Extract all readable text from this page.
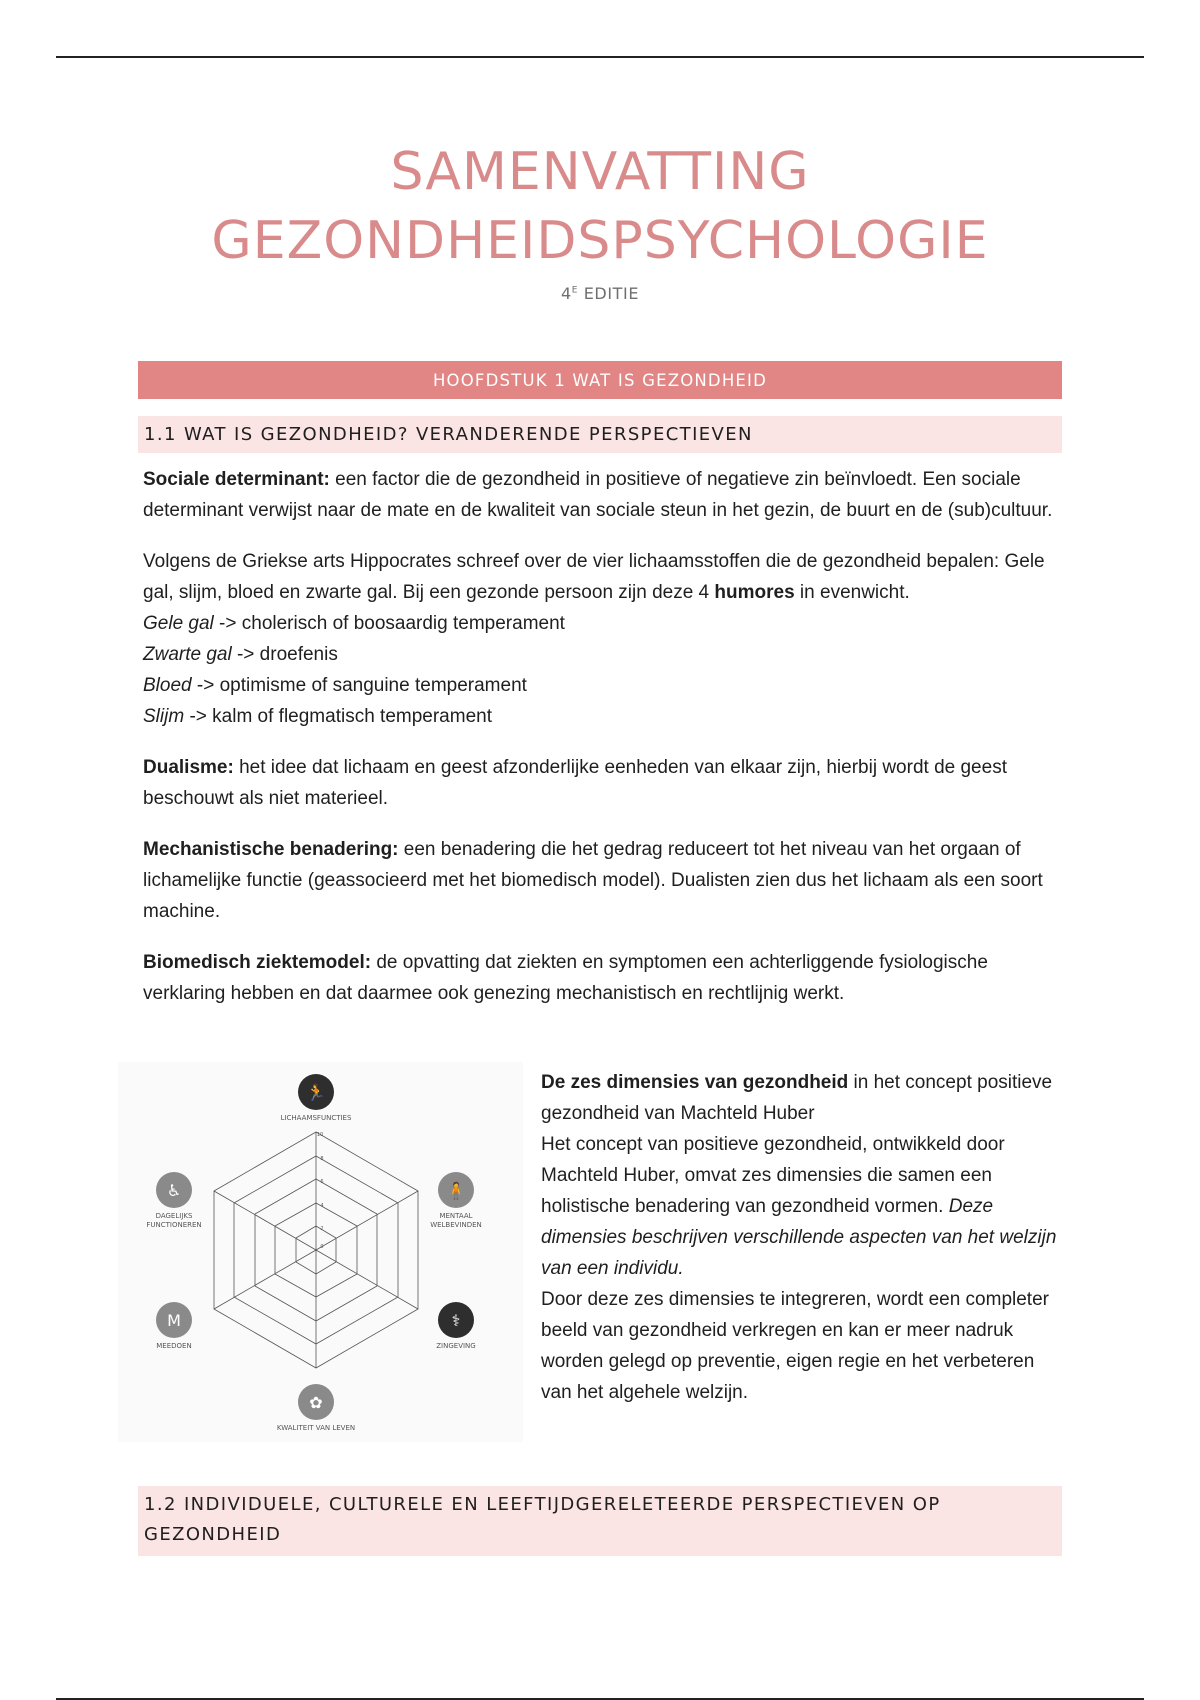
SAMENVATTING
GEZONDHEIDSPSYCHOLOGIE
$4^E$ EDITIE
HOOFDSTUK 1 WAT IS GEZONDHEID
1.1 WAT IS GEZONDHEID? VERANDERENDE PERSPECTIEVEN

Sociale determinant: een factor die de gezondheid in positieve of negatieve zin beïnvloedt. Een sociale determinant verwijst naar de mate en de kwaliteit van sociale steun in het gezin, de buurt en de (sub)cultuur.

Volgens de Griekse arts Hippocrates schreef over de vier lichaamsstoffen die de gezondheid bepalen: Gele gal, slijm, bloed en zwarte gal. Bij een gezonde persoon zijn deze 4 humores in evenwicht.
Gele gal -> cholerisch of boosaardig temperament
Zwarte gal -> droefenis
Bloed -> optimisme of sanguine temperament
Slijm -> kalm of flegmatisch temperament

Dualisme: het idee dat lichaam en geest afzonderlijke eenheden van elkaar zijn, hierbij wordt de geest beschouwt als niet materieel.

Mechanistische benadering: een benadering die het gedrag reduceert tot het niveau van het orgaan of lichamelijke functie (geassocieerd met het biomedisch model). Dualisten zien dus het lichaam als een soort machine.

Biomedisch ziektemodel: de opvatting dat ziekten en symptomen een achterliggende fysiologische verklaring hebben en dat daarmee ook genezing mechanistisch en rechtlijnig werkt.

10
8
6
4
2
0
🏃
LICHAAMSFUNCTIES
🧍
MENTAAL
WELBEVINDEN
⚕
ZINGEVING
✿
KWALITEIT VAN LEVEN
M
MEEDOEN
♿
DAGELIJKS
FUNCTIONEREN
De zes dimensies van gezondheid in het concept positieve gezondheid van Machteld Huber
Het concept van positieve gezondheid, ontwikkeld door Machteld Huber, omvat zes dimensies die samen een holistische benadering van gezondheid vormen. Deze dimensies beschrijven verschillende aspecten van het welzijn van een individu.
Door deze zes dimensies te integreren, wordt een completer beeld van gezondheid verkregen en kan er meer nadruk worden gelegd op preventie, eigen regie en het verbeteren van het algehele welzijn.
1.2 INDIVIDUELE, CULTURELE EN LEEFTIJDGERELETEERDE PERSPECTIEVEN OP GEZONDHEID
